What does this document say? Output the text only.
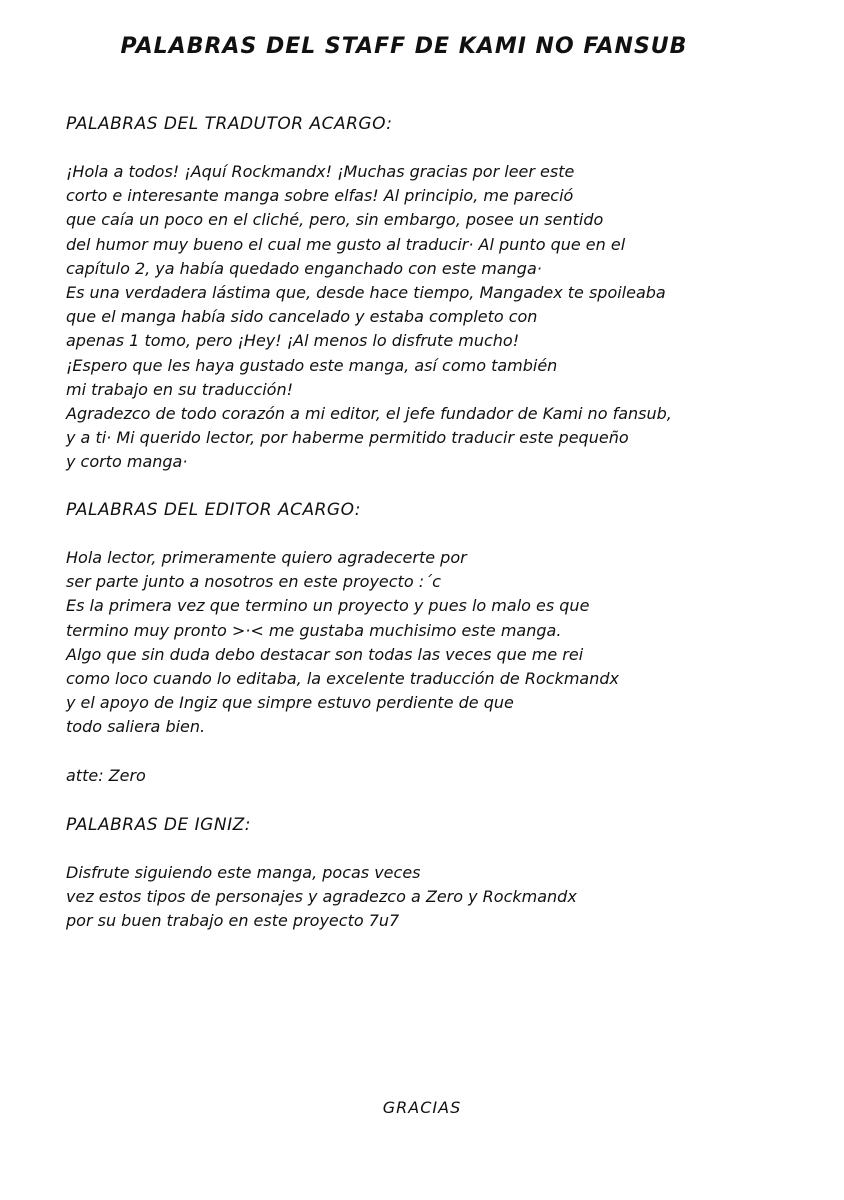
PALABRAS DEL STAFF DE KAMI NO FANSUB
PALABRAS DEL TRADUTOR ACARGO:
¡Hola a todos! ¡Aquí Rockmandx! ¡Muchas gracias por leer este
corto e interesante manga sobre elfas! Al principio, me pareció
que caía un poco en el cliché, pero, sin embargo, posee un sentido
del humor muy bueno el cual me gusto al traducir· Al punto que en el
capítulo 2, ya había quedado enganchado con este manga·
Es una verdadera lástima que, desde hace tiempo, Mangadex te spoileaba
que el manga había sido cancelado y estaba completo con
apenas 1 tomo, pero ¡Hey! ¡Al menos lo disfrute mucho!
¡Espero que les haya gustado este manga, así como también
mi trabajo en su traducción!
Agradezco de todo corazón a mi editor, el jefe fundador de Kami no fansub,
y a ti· Mi querido lector, por haberme permitido traducir este pequeño
y corto manga·
PALABRAS DEL EDITOR ACARGO:
Hola lector, primeramente quiero agradecerte por
ser parte junto a nosotros en este proyecto :´c
Es la primera vez que termino un proyecto y pues lo malo es que
termino muy pronto >·< me gustaba muchisimo este manga.
Algo que sin duda debo destacar son todas las veces que me rei
como loco cuando lo editaba, la excelente traducción de Rockmandx
y el apoyo de Ingiz que simpre estuvo perdiente de que
todo saliera bien.
atte: Zero
PALABRAS DE IGNIZ:
Disfrute siguiendo este manga, pocas veces
vez estos tipos de personajes y agradezco a Zero y Rockmandx
por su buen trabajo en este proyecto 7u7
GRACIAS
